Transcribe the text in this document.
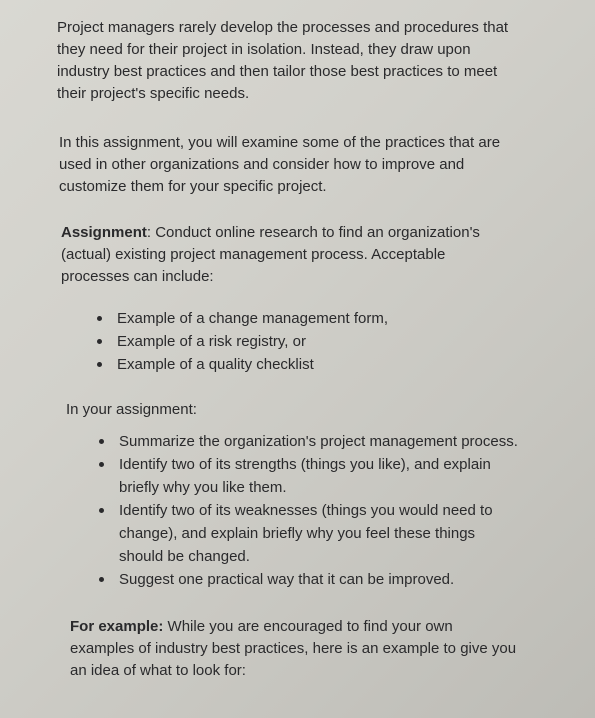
Project managers rarely develop the processes and procedures that
they need for their project in isolation. Instead, they draw upon
industry best practices and then tailor those best practices to meet
their project's specific needs.

In this assignment, you will examine some of the practices that are
used in other organizations and consider how to improve and
customize them for your specific project.

Assignment: Conduct online research to find an organization's
(actual) existing project management process. Acceptable
processes can include:

Example of a change management form,
Example of a risk registry, or
Example of a quality checklist

In your assignment:

Summarize the organization's project management process.
Identify two of its strengths (things you like), and explain
briefly why you like them.
Identify two of its weaknesses (things you would need to
change), and explain briefly why you feel these things
should be changed.
Suggest one practical way that it can be improved.

For example: While you are encouraged to find your own
examples of industry best practices, here is an example to give you
an idea of what to look for:
